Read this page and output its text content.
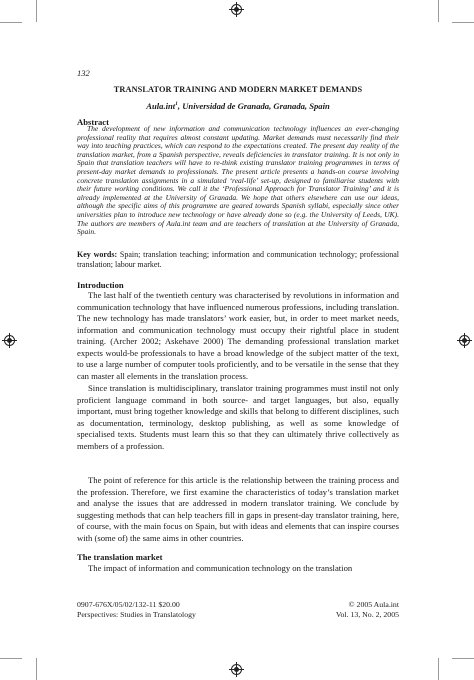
132
TRANSLATOR TRAINING AND MODERN MARKET DEMANDS
Aula.int$^1$, Universidad de Granada, Granada, Spain
Abstract

The development of new information and communication technology influences an ever-changing professional reality that requires almost constant updating. Market demands must necessarily find their way into teaching practices, which can respond to the expectations created. The present day reality of the translation market, from a Spanish perspective, reveals deficiencies in translator training. It is not only in Spain that translation teachers will have to re-think existing translator training programmes in terms of present-day market demands to professionals. The present article presents a hands-on course involving concrete translation assignments in a simulated ‘real-life’ set-up, designed to familiarise students with their future working conditions. We call it the ‘Professional Approach for Translator Training’ and it is already implemented at the University of Granada. We hope that others elsewhere can use our ideas, although the specific aims of this programme are geared towards Spanish syllabi, especially since other universities plan to introduce new technology or have already done so (e.g. the University of Leeds, UK). The authors are members of Aula.int team and are teachers of translation at the University of Granada, Spain.

Key words: Spain; translation teaching; information and communication technology; professional translation; labour market.

Introduction

The last half of the twentieth century was characterised by revolutions in information and communication technology that have influenced numerous professions, including translation. The new technology has made translators’ work easier, but, in order to meet market needs, information and communication technology must occupy their rightful place in student training. (Archer 2002; Askehave 2000) The demanding professional translation market expects would-be professionals to have a broad knowledge of the subject matter of the text, to use a large number of computer tools proficiently, and to be versatile in the sense that they can master all elements in the translation process.

Since translation is multidisciplinary, translator training programmes must instil not only proficient language command in both source- and target languages, but also, equally important, must bring together knowledge and skills that belong to different disciplines, such as documentation, terminology, desktop publishing, as well as some knowledge of specialised texts. Students must learn this so that they can ultimately thrive collectively as members of a profession.

The point of reference for this article is the relationship between the training process and the profession. Therefore, we first examine the characteristics of today’s translation market and analyse the issues that are addressed in modern translator training. We conclude by suggesting methods that can help teachers fill in gaps in present-day translator training, here, of course, with the main focus on Spain, but with ideas and elements that can inspire courses with (some of) the same aims in other countries.

The translation market

The impact of information and communication technology on the translation

0907-676X/05/02/132-11 $20.00	© 2005 Aula.int
Perspectives: Studies in Translatology	Vol. 13, No. 2, 2005
